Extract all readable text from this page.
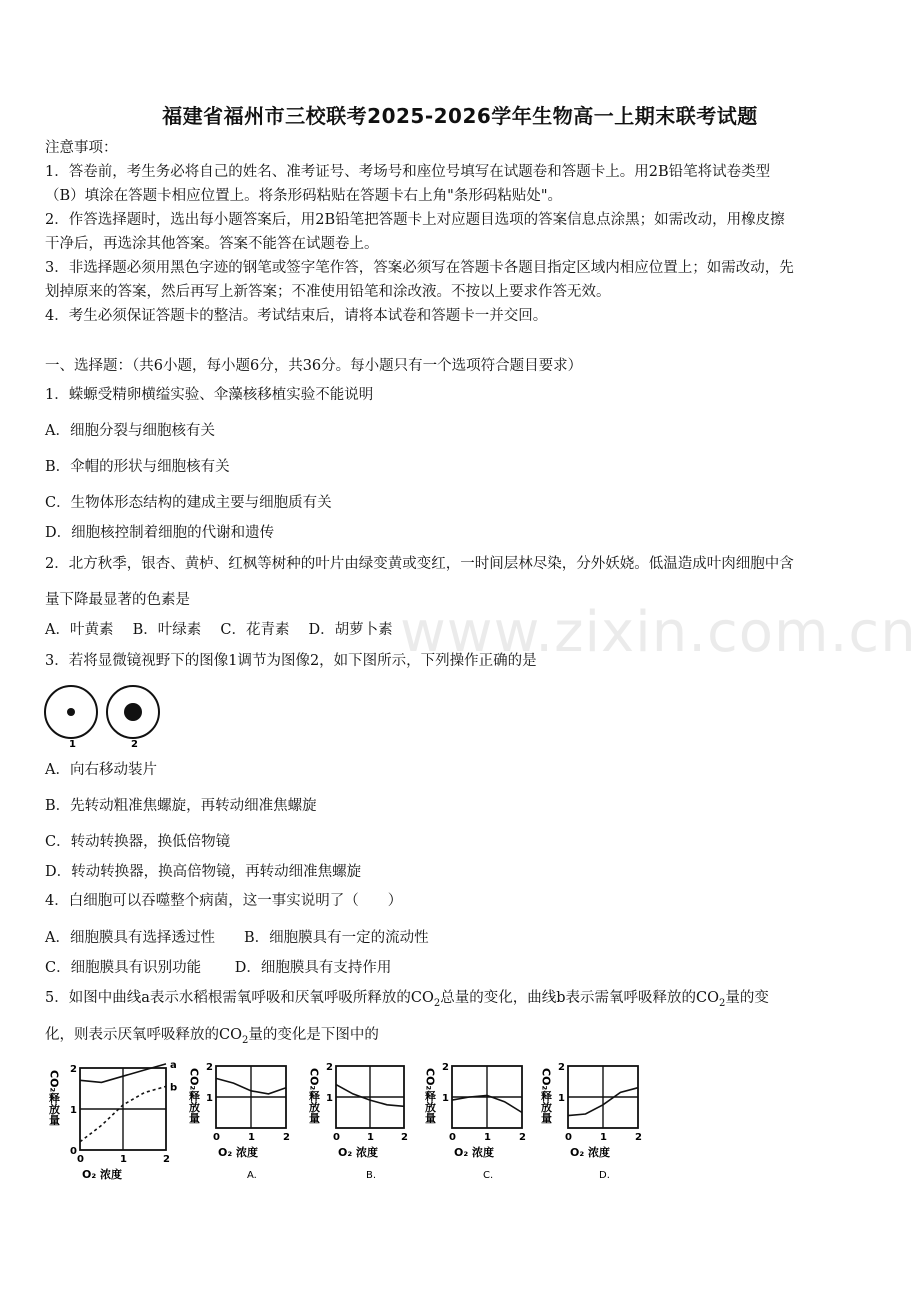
福建省福州市三校联考2025-2026学年生物高一上期末联考试题
注意事项：
1．答卷前，考生务必将自己的姓名、准考证号、考场号和座位号填写在试题卷和答题卡上。用2B铅笔将试卷类型
（B）填涂在答题卡相应位置上。将条形码粘贴在答题卡右上角"条形码粘贴处"。
2．作答选择题时，选出每小题答案后，用2B铅笔把答题卡上对应题目选项的答案信息点涂黑；如需改动，用橡皮擦
干净后，再选涂其他答案。答案不能答在试题卷上。
3．非选择题必须用黑色字迹的钢笔或签字笔作答，答案必须写在答题卡各题目指定区域内相应位置上；如需改动，先
划掉原来的答案，然后再写上新答案；不准使用铅笔和涂改液。不按以上要求作答无效。
4．考生必须保证答题卡的整洁。考试结束后，请将本试卷和答题卡一并交回。
一、选择题：（共6小题，每小题6分，共36分。每小题只有一个选项符合题目要求）
1．蝾螈受精卵横缢实验、伞藻核移植实验不能说明
A．细胞分裂与细胞核有关
B．伞帽的形状与细胞核有关
C．生物体形态结构的建成主要与细胞质有关
D．细胞核控制着细胞的代谢和遗传
2．北方秋季，银杏、黄栌、红枫等树种的叶片由绿变黄或变红，一时间层林尽染，分外妖娆。低温造成叶肉细胞中含
量下降最显著的色素是
A．叶黄素　 B．叶绿素　 C．花青素　 D．胡萝卜素 www.zixin.com.cn
3．若将显微镜视野下的图像1调节为图像2，如下图所示，下列操作正确的是
1	2
A．向右移动装片
B．先转动粗准焦螺旋，再转动细准焦螺旋
C．转动转换器，换低倍物镜
D．转动转换器，换高倍物镜，再转动细准焦螺旋
4．白细胞可以吞噬整个病菌，这一事实说明了（　　）
A．细胞膜具有选择透过性　　B．细胞膜具有一定的流动性
C．细胞膜具有识别功能　　 D．细胞膜具有支持作用
5．如图中曲线a表示水稻根需氧呼吸和厌氧呼吸所释放的$CO_2$总量的变化，曲线b表示需氧呼吸释放的$CO_2$量的变
化，则表示厌氧呼吸释放的$CO_2$量的变化是下图中的
0
1
2
0	1	2
CO₂释放量
O₂ 浓度
a
b
1
2
0	1	2
CO₂释放量
O₂ 浓度
A.
1
2
0	1	2
CO₂释放量
O₂ 浓度
B.
1
2
0	1	2
CO₂释放量
O₂ 浓度
C.
1
2
0	1	2
CO₂释放量
O₂ 浓度
D.
